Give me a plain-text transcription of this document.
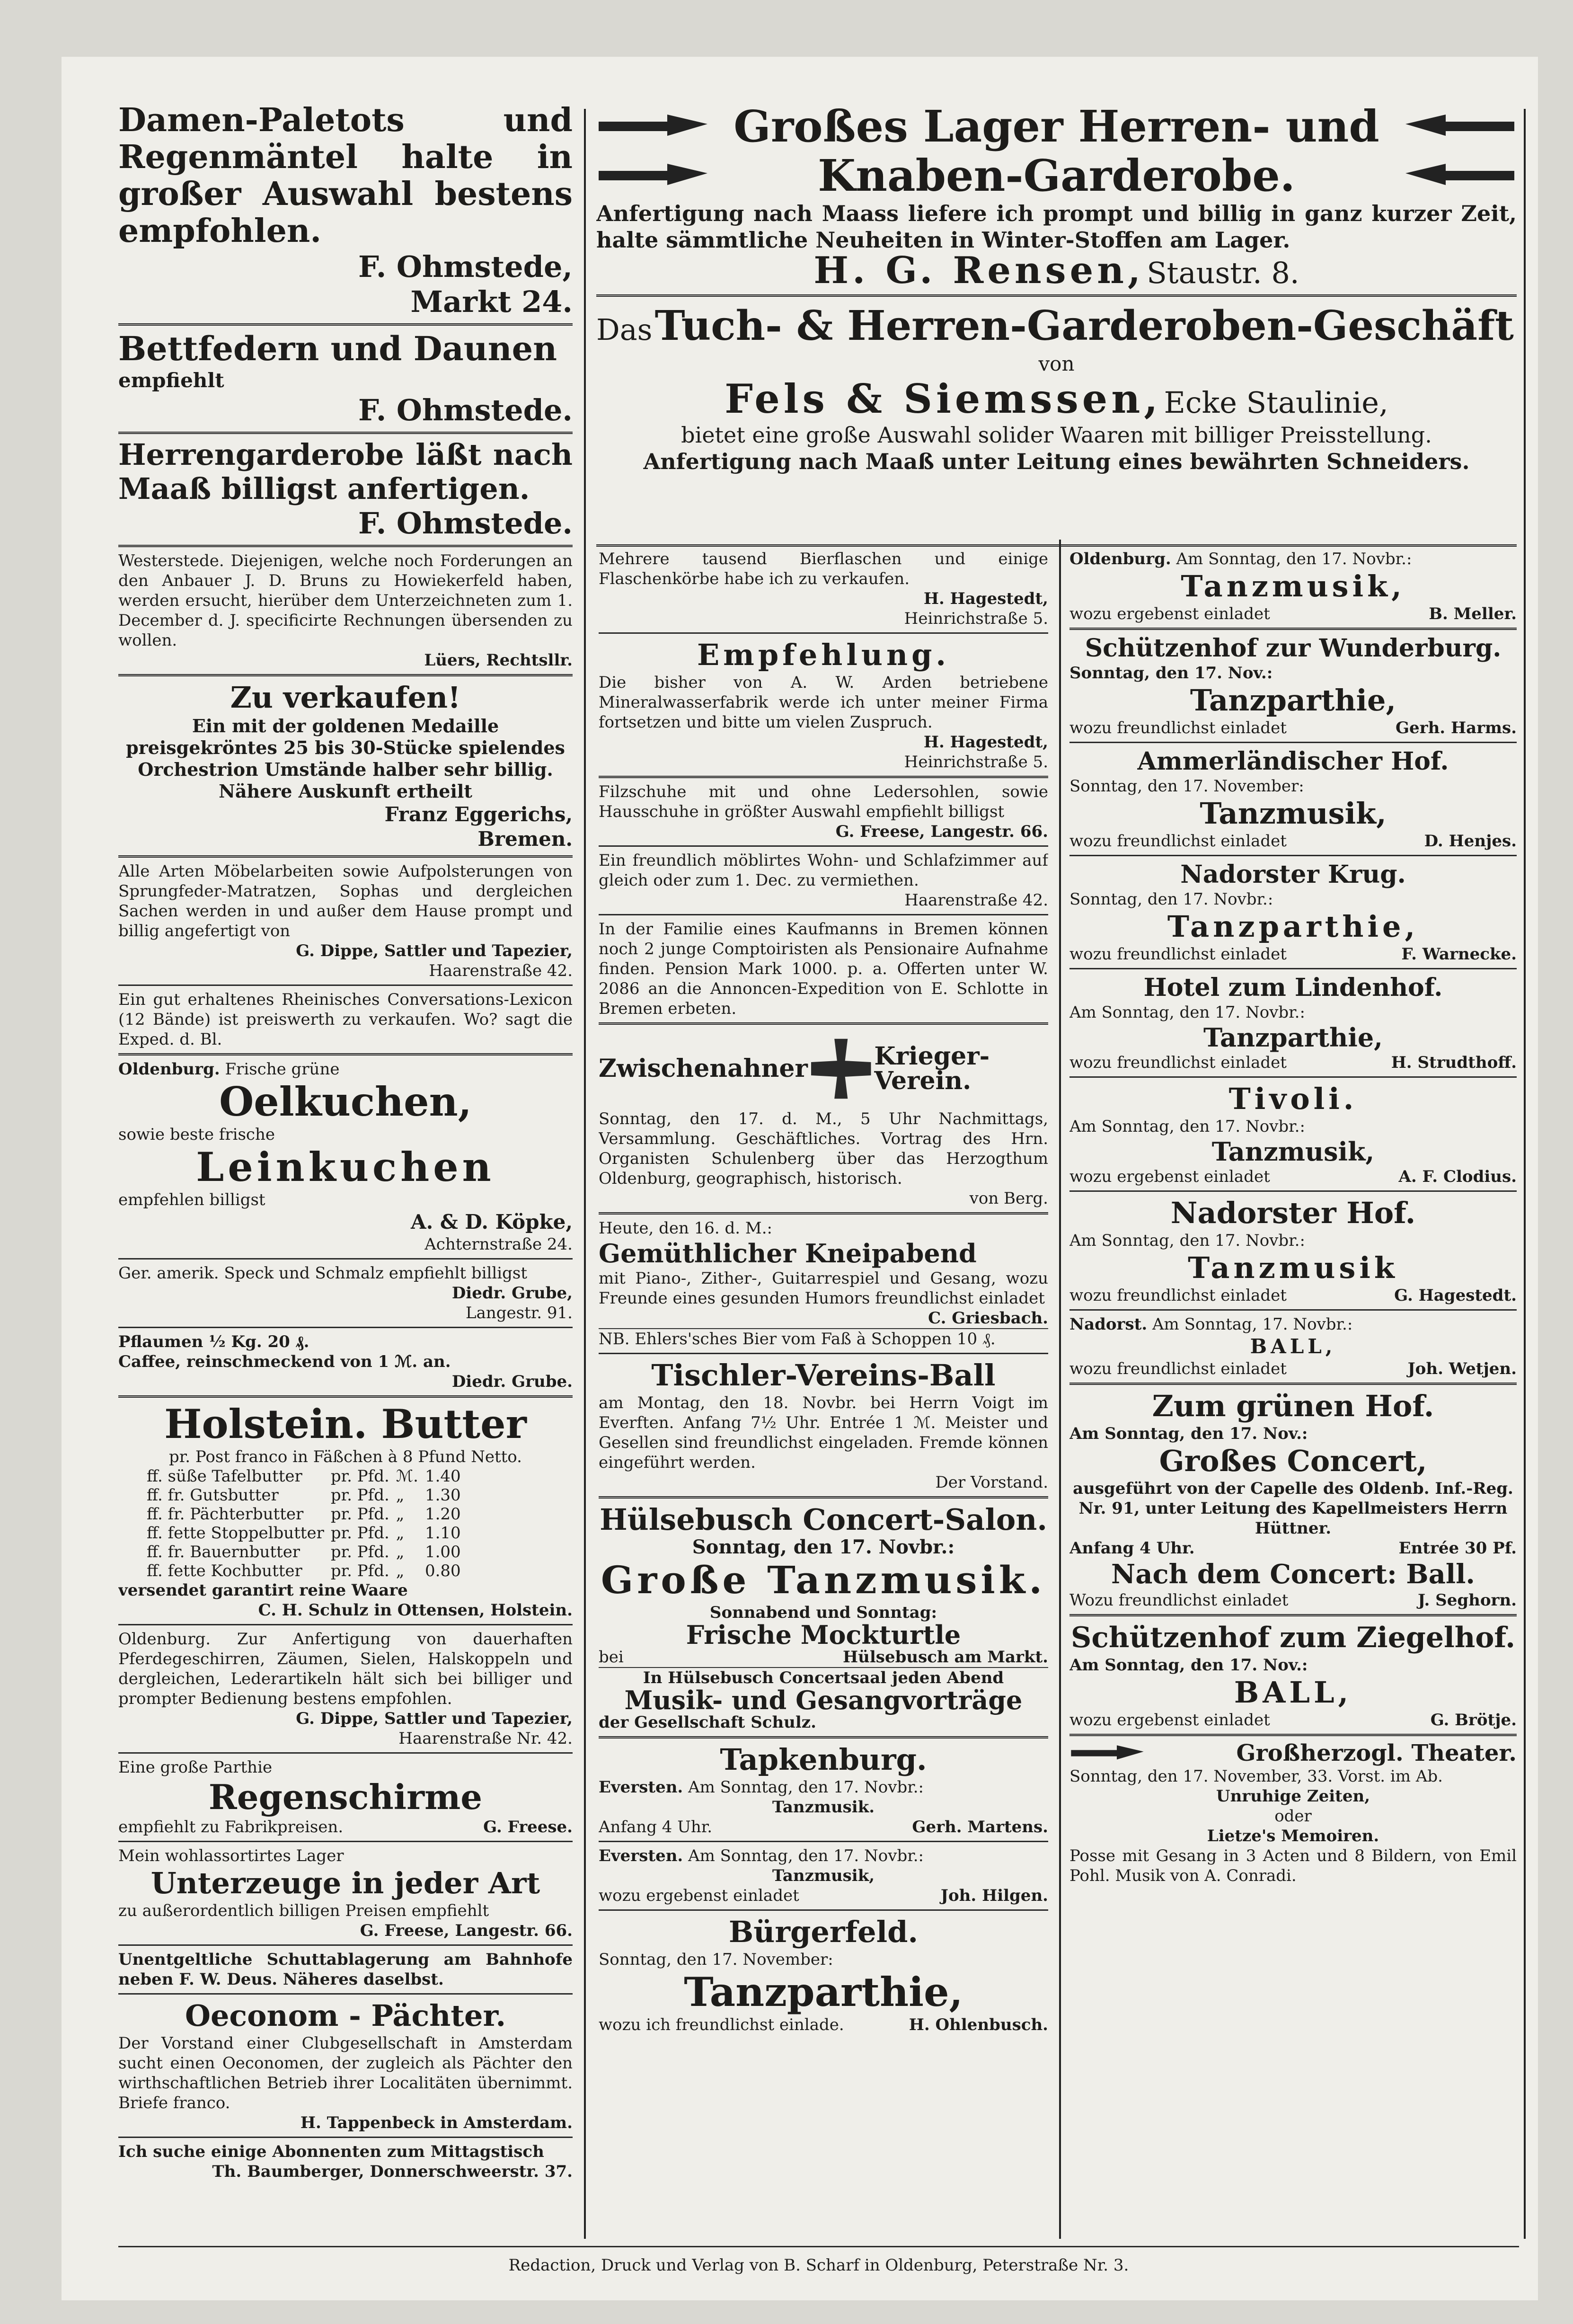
Damen-Paletots und Regenmäntel halte in großer Auswahl bestens empfohlen.
F. Ohmstede,
Markt 24.
Bettfedern und Daunen
empfiehlt
F. Ohmstede.
Herrengarderobe läßt nach Maaß billigst anfertigen.
F. Ohmstede.
Westerstede. Diejenigen, welche noch Forderungen an den Anbauer J. D. Bruns zu Howiekerfeld haben, werden ersucht, hierüber dem Unterzeichneten zum 1. December d. J. specificirte Rechnungen übersenden zu wollen.
Lüers, Rechtsllr.
Zu verkaufen!
Ein mit der goldenen Medaille preisgekröntes 25 bis 30-Stücke spielendes Orchestrion Umstände halber sehr billig. Nähere Auskunft ertheilt
Franz Eggerichs,
Bremen.
Alle Arten Möbelarbeiten sowie Aufpolsterungen von Sprungfeder-Matratzen, Sophas und dergleichen Sachen werden in und außer dem Hause prompt und billig angefertigt von
G. Dippe, Sattler und Tapezier,
Haarenstraße 42.
Ein gut erhaltenes Rheinisches Conversations-Lexicon (12 Bände) ist preiswerth zu verkaufen. Wo? sagt die Exped. d. Bl.
Oldenburg. Frische grüne
Oelkuchen,
sowie beste frische
Leinkuchen
empfehlen billigst
A. & D. Köpke,
Achternstraße 24.
Ger. amerik. Speck und Schmalz empfiehlt billigst
Diedr. Grube,
Langestr. 91.
Pflaumen ½ Kg. 20 ₰.
Caffee, reinschmeckend von 1 ℳ. an.
Diedr. Grube.
Holstein. Butter
pr. Post franco in Fäßchen à 8 Pfund Netto.
ff. süße Tafelbutter	pr. Pfd.	ℳ.	1.40
ff. fr. Gutsbutter	pr. Pfd.	„	1.30
ff. fr. Pächterbutter	pr. Pfd.	„	1.20
ff. fette Stoppelbutter	pr. Pfd.	„	1.10
ff. fr. Bauernbutter	pr. Pfd.	„	1.00
ff. fette Kochbutter	pr. Pfd.	„	0.80
versendet garantirt reine Waare
C. H. Schulz in Ottensen, Holstein.
Oldenburg. Zur Anfertigung von dauerhaften Pferdegeschirren, Zäumen, Sielen, Halskoppeln und dergleichen, Lederartikeln hält sich bei billiger und prompter Bedienung bestens empfohlen.
G. Dippe, Sattler und Tapezier,
Haarenstraße Nr. 42.
Eine große Parthie
Regenschirme
empfiehlt zu Fabrikpreisen.	G. Freese.
Mein wohlassortirtes Lager
Unterzeuge in jeder Art
zu außerordentlich billigen Preisen empfiehlt
G. Freese, Langestr. 66.
Unentgeltliche Schuttablagerung am Bahnhofe neben F. W. Deus. Näheres daselbst.
Oeconom - Pächter.
Der Vorstand einer Clubgesellschaft in Amsterdam sucht einen Oeconomen, der zugleich als Pächter den wirthschaftlichen Betrieb ihrer Localitäten übernimmt. Briefe franco.
H. Tappenbeck in Amsterdam.
Ich suche einige Abonnenten zum Mittagstisch
Th. Baumberger, Donnerschweerstr. 37.
Großes Lager Herren- und
Knaben-Garderobe.
Anfertigung nach Maass liefere ich prompt und billig in ganz kurzer Zeit, halte sämmtliche Neuheiten in Winter-Stoffen am Lager.
H. G. Rensen, Staustr. 8.
Das Tuch- & Herren-Garderoben-Geschäft
von
Fels & Siemssen, Ecke Staulinie,
bietet eine große Auswahl solider Waaren mit billiger Preisstellung.
Anfertigung nach Maaß unter Leitung eines bewährten Schneiders.
Mehrere tausend Bierflaschen und einige Flaschenkörbe habe ich zu verkaufen.
H. Hagestedt,
Heinrichstraße 5.
Empfehlung.
Die bisher von A. W. Arden betriebene Mineralwasserfabrik werde ich unter meiner Firma fortsetzen und bitte um vielen Zuspruch.
H. Hagestedt,
Heinrichstraße 5.
Filzschuhe mit und ohne Ledersohlen, sowie Hausschuhe in größter Auswahl empfiehlt billigst
G. Freese, Langestr. 66.
Ein freundlich möblirtes Wohn- und Schlafzimmer auf gleich oder zum 1. Dec. zu vermiethen.
Haarenstraße 42.
In der Familie eines Kaufmanns in Bremen können noch 2 junge Comptoiristen als Pensionaire Aufnahme finden. Pension Mark 1000. p. a. Offerten unter W. 2086 an die Annoncen-Expedition von E. Schlotte in Bremen erbeten.
Zwischenahner	Krieger-Verein.
Sonntag, den 17. d. M., 5 Uhr Nachmittags, Versammlung. Geschäftliches. Vortrag des Hrn. Organisten Schulenberg über das Herzogthum Oldenburg, geographisch, historisch.
von Berg.
Heute, den 16. d. M.:
Gemüthlicher Kneipabend
mit Piano-, Zither-, Guitarrespiel und Gesang, wozu Freunde eines gesunden Humors freundlichst einladet
C. Griesbach.
NB. Ehlers'sches Bier vom Faß à Schoppen 10 ₰.
Tischler-Vereins-Ball
am Montag, den 18. Novbr. bei Herrn Voigt im Everften. Anfang 7½ Uhr. Entrée 1 ℳ. Meister und Gesellen sind freundlichst eingeladen. Fremde können eingeführt werden.
Der Vorstand.
Hülsebusch Concert-Salon.
Sonntag, den 17. Novbr.:
Große Tanzmusik.
Sonnabend und Sonntag:
Frische Mockturtle
bei	Hülsebusch am Markt.
In Hülsebusch Concertsaal jeden Abend
Musik- und Gesangvorträge
der Gesellschaft Schulz.
Tapkenburg.
Eversten. Am Sonntag, den 17. Novbr.:
Tanzmusik.
Anfang 4 Uhr.	Gerh. Martens.
Eversten. Am Sonntag, den 17. Novbr.:
Tanzmusik,
wozu ergebenst einladet	Joh. Hilgen.
Bürgerfeld.
Sonntag, den 17. November:
Tanzparthie,
wozu ich freundlichst einlade.	H. Ohlenbusch.
Oldenburg. Am Sonntag, den 17. Novbr.:
Tanzmusik,
wozu ergebenst einladet	B. Meller.
Schützenhof zur Wunderburg.
Sonntag, den 17. Nov.:
Tanzparthie,
wozu freundlichst einladet	Gerh. Harms.
Ammerländischer Hof.
Sonntag, den 17. November:
Tanzmusik,
wozu freundlichst einladet	D. Henjes.
Nadorster Krug.
Sonntag, den 17. Novbr.:
Tanzparthie,
wozu freundlichst einladet	F. Warnecke.
Hotel zum Lindenhof.
Am Sonntag, den 17. Novbr.:
Tanzparthie,
wozu freundlichst einladet	H. Strudthoff.
Tivoli.
Am Sonntag, den 17. Novbr.:
Tanzmusik,
wozu ergebenst einladet	A. F. Clodius.
Nadorster Hof.
Am Sonntag, den 17. Novbr.:
Tanzmusik
wozu freundlichst einladet	G. Hagestedt.
Nadorst. Am Sonntag, 17. Novbr.:
BALL,
wozu freundlichst einladet	Joh. Wetjen.
Zum grünen Hof.
Am Sonntag, den 17. Nov.:
Großes Concert,
ausgeführt von der Capelle des Oldenb. Inf.-Reg. Nr. 91, unter Leitung des Kapellmeisters Herrn Hüttner.
Anfang 4 Uhr.	Entrée 30 Pf.
Nach dem Concert: Ball.
Wozu freundlichst einladet	J. Seghorn.
Schützenhof zum Ziegelhof.
Am Sonntag, den 17. Nov.:
BALL,
wozu ergebenst einladet	G. Brötje.
Großherzogl. Theater.
Sonntag, den 17. November, 33. Vorst. im Ab.
Unruhige Zeiten,
oder
Lietze's Memoiren.
Posse mit Gesang in 3 Acten und 8 Bildern, von Emil Pohl. Musik von A. Conradi.
Redaction, Druck und Verlag von B. Scharf in Oldenburg, Peterstraße Nr. 3.
